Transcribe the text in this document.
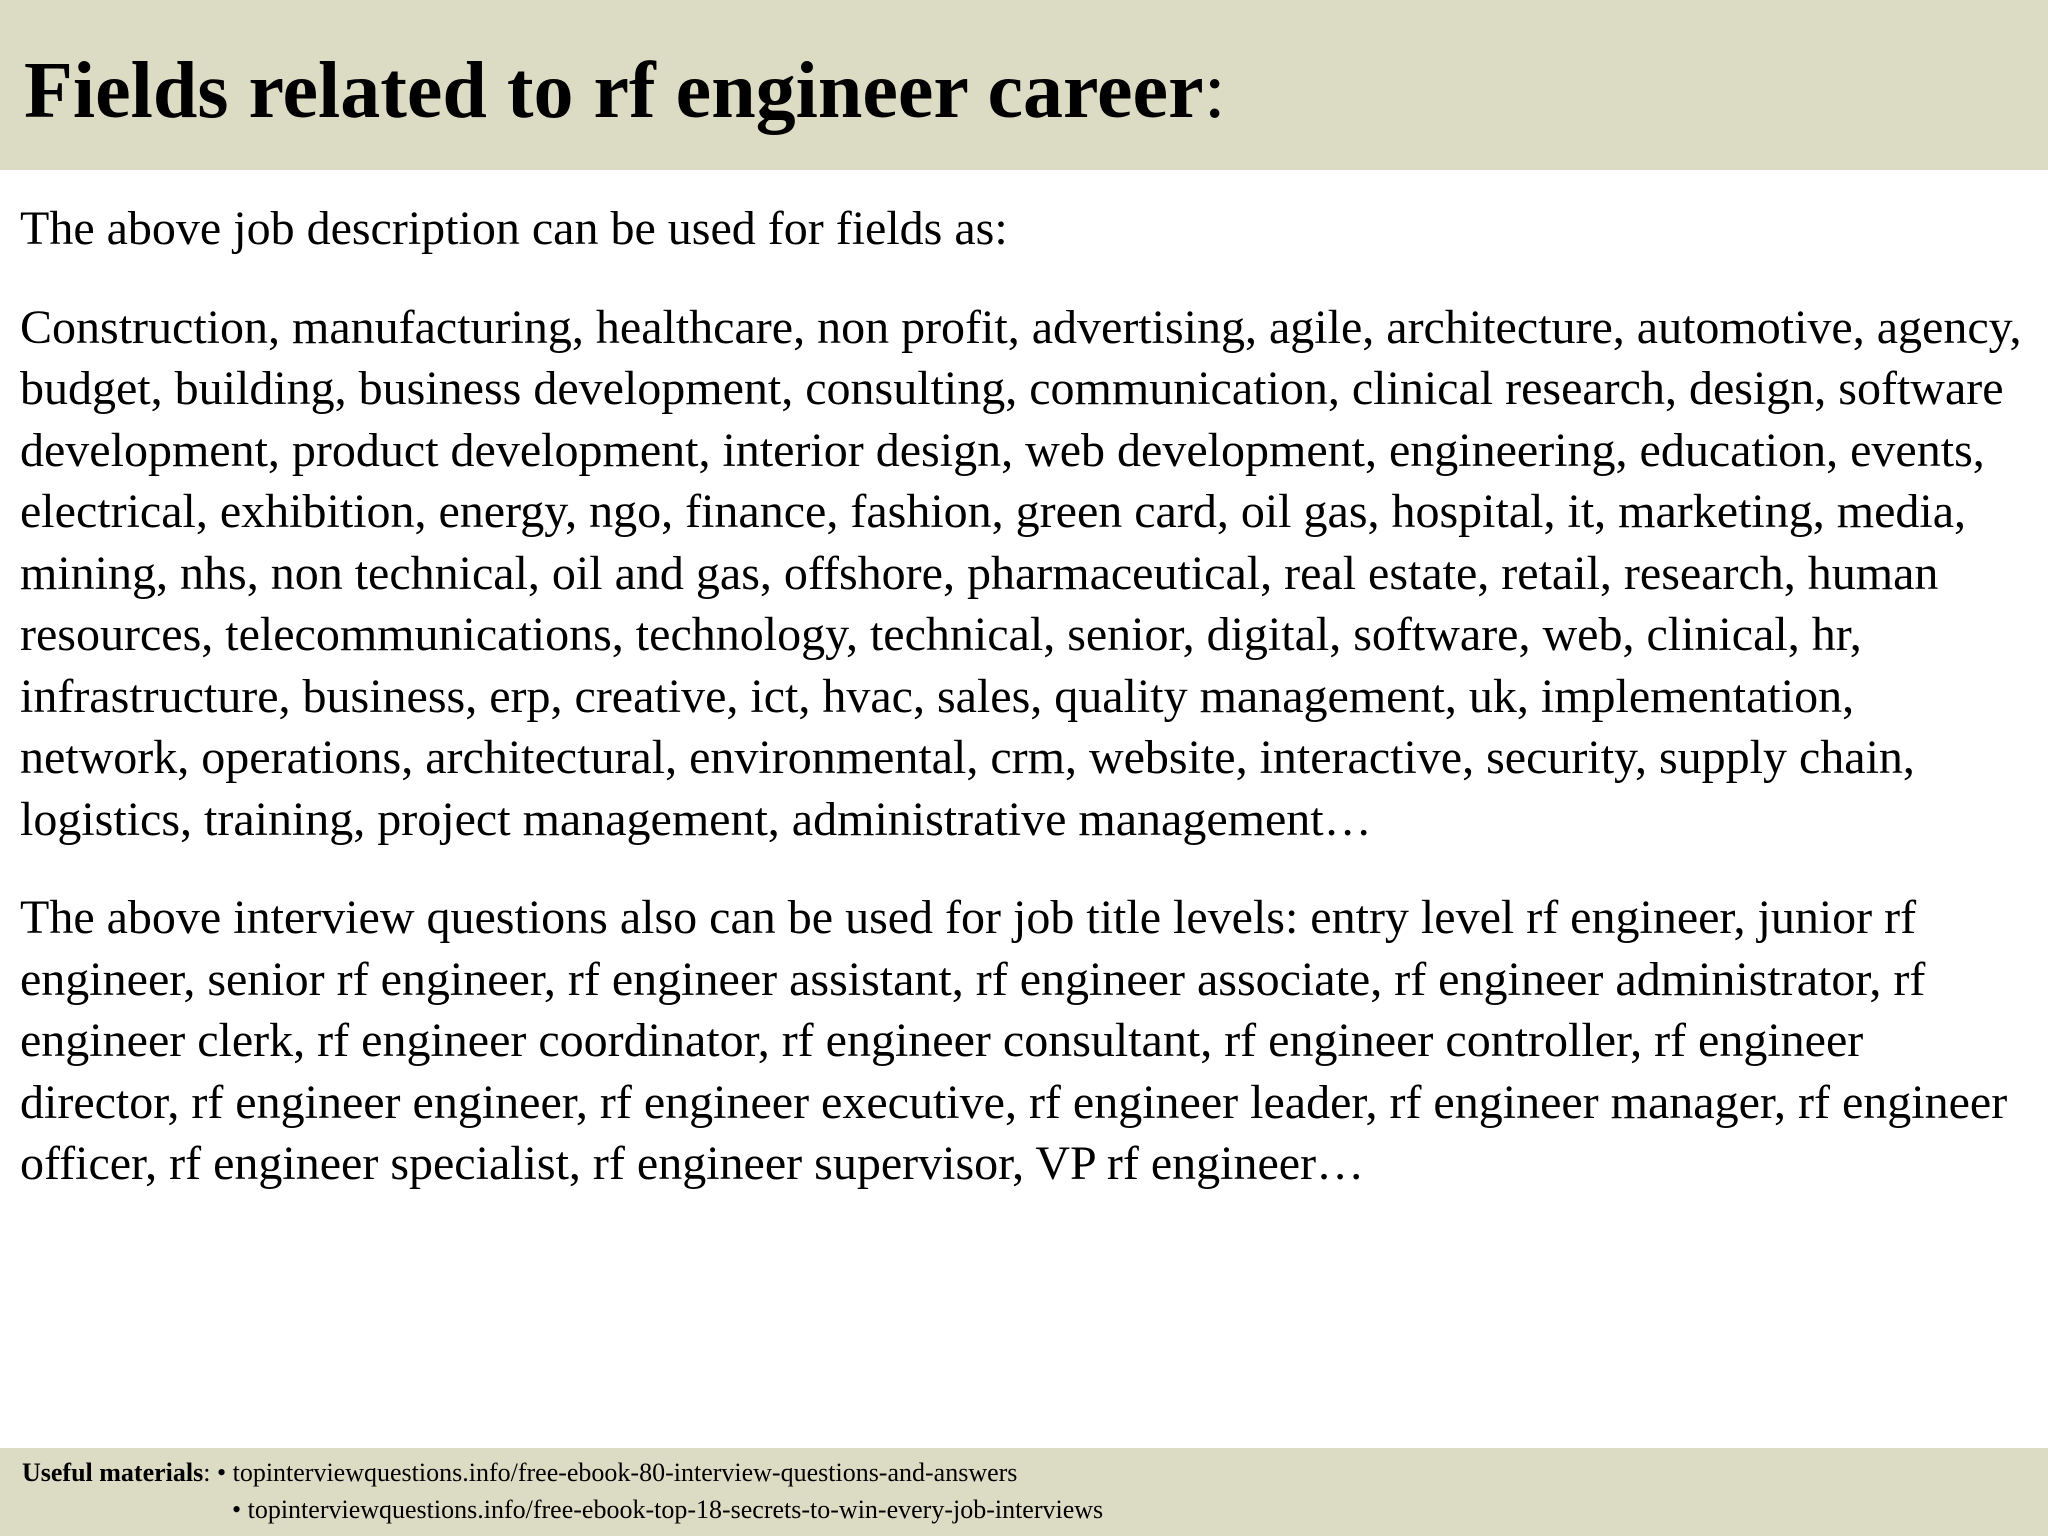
Fields related to rf engineer career:

The above job description can be used for fields as:

Construction, manufacturing, healthcare, non profit, advertising, agile, architecture, automotive, agency, budget, building, business development, consulting, communication, clinical research, design, software development, product development, interior design, web development, engineering, education, events, electrical, exhibition, energy, ngo, finance, fashion, green card, oil gas, hospital, it, marketing, media, mining, nhs, non technical, oil and gas, offshore, pharmaceutical, real estate, retail, research, human resources, telecommunications, technology, technical, senior, digital, software, web, clinical, hr, infrastructure, business, erp, creative, ict, hvac, sales, quality management, uk, implementation, network, operations, architectural, environmental, crm, website, interactive, security, supply chain, logistics, training, project management, administrative management…

The above interview questions also can be used for job title levels: entry level rf engineer, junior rf engineer, senior rf engineer, rf engineer assistant, rf engineer associate, rf engineer administrator, rf engineer clerk, rf engineer coordinator, rf engineer consultant, rf engineer controller, rf engineer director, rf engineer engineer, rf engineer executive, rf engineer leader, rf engineer manager, rf engineer officer, rf engineer specialist, rf engineer supervisor, VP rf engineer…

Useful materials: • topinterviewquestions.info/free-ebook-80-interview-questions-and-answers
• topinterviewquestions.info/free-ebook-top-18-secrets-to-win-every-job-interviews
